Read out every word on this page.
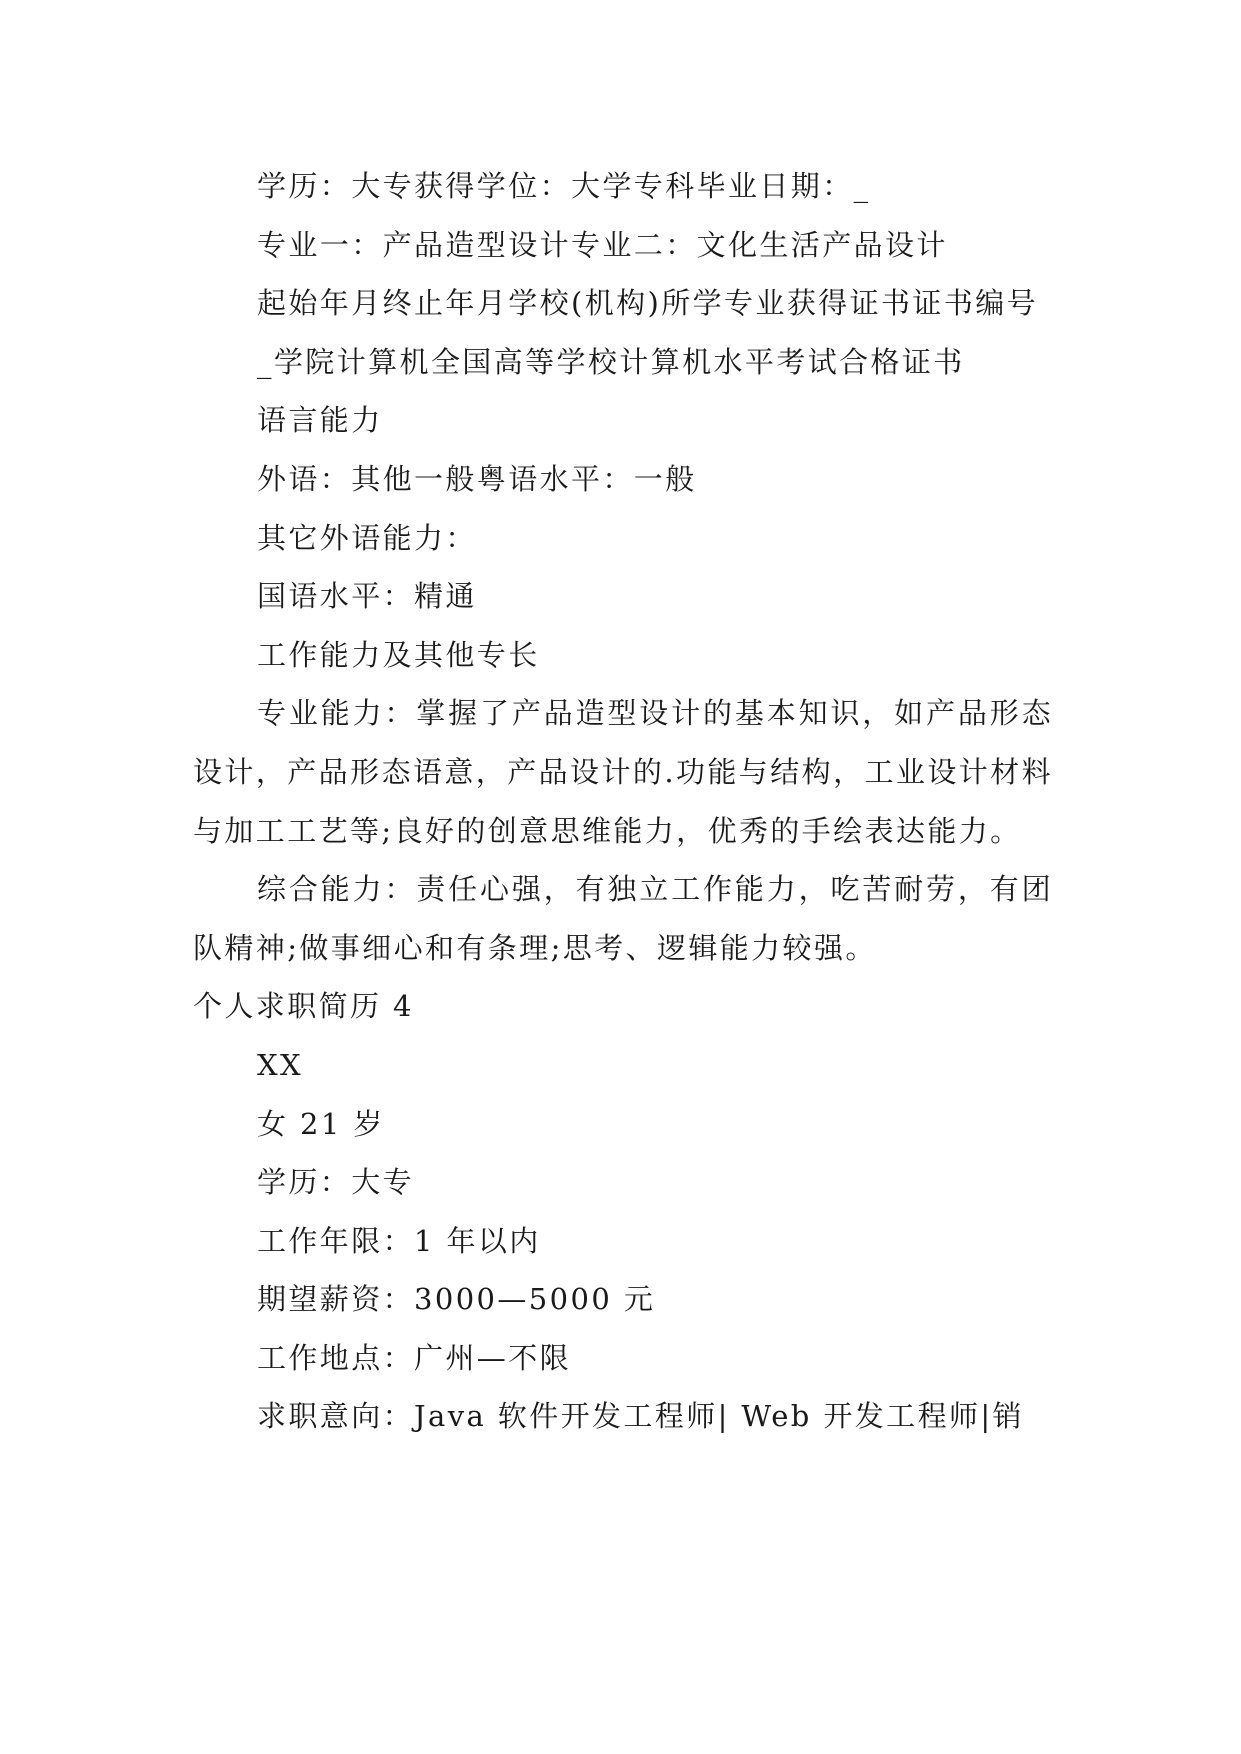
学历：大专获得学位：大学专科毕业日期：_

专业一：产品造型设计专业二：文化生活产品设计

起始年月终止年月学校(机构)所学专业获得证书证书编号

_学院计算机全国高等学校计算机水平考试合格证书

语言能力

外语：其他一般粤语水平：一般

其它外语能力：

国语水平：精通

工作能力及其他专长

专业能力：掌握了产品造型设计的基本知识，如产品形态设计，产品形态语意，产品设计的.功能与结构，工业设计材料与加工工艺等;良好的创意思维能力，优秀的手绘表达能力。

综合能力：责任心强，有独立工作能力，吃苦耐劳，有团队精神;做事细心和有条理;思考、逻辑能力较强。

个人求职简历 4

XX

女 21 岁

学历：大专

工作年限：1 年以内

期望薪资：3000—5000 元

工作地点：广州—不限

求职意向：Java 软件开发工程师| Web 开发工程师|销
